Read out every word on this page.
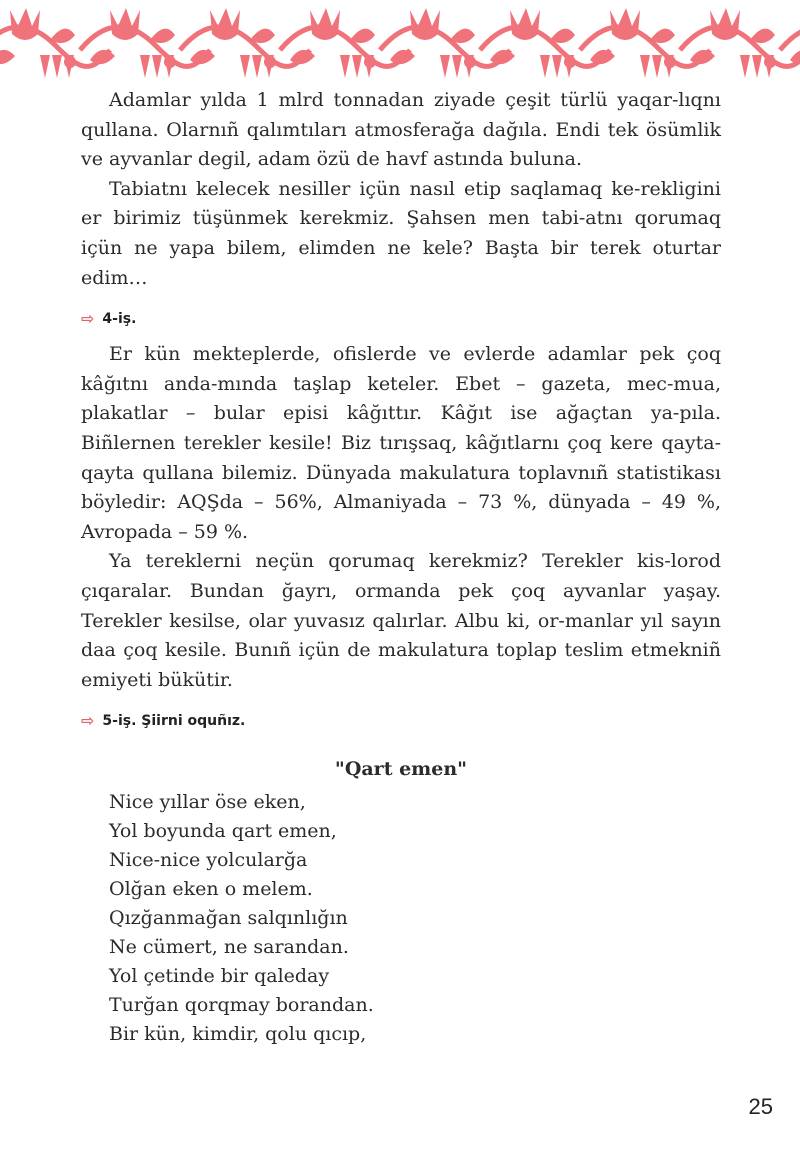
Adamlar yılda 1 mlrd tonnadan ziyade çeşit türlü yaqar-lıqnı qullana. Olarnıñ qalımtıları atmosferağa dağıla. Endi tek ösümlik ve ayvanlar degil, adam özü de havf astında buluna.

Tabiatnı kelecek nesiller içün nasıl etip saqlamaq ke-rekligini er birimiz tüşünmek kerekmiz. Şahsen men tabi-atnı qorumaq içün ne yapa bilem, elimden ne kele? Başta bir terek oturtar edim…

⇨ 4-iş.

Er kün mekteplerde, ofislerde ve evlerde adamlar pek çoq kâğıtnı anda-mında taşlap keteler. Ebet – gazeta, mec-mua, plakatlar – bular episi kâğıttır. Kâğıt ise ağaçtan ya-pıla. Biñlernen terekler kesile! Biz tırışsaq, kâğıtlarnı çoq kere qayta-qayta qullana bilemiz. Dünyada makulatura toplavnıñ statistikası böyledir: AQŞda – 56%, Almaniyada – 73 %, dünyada – 49 %, Avropada – 59 %.

Ya tereklerni neçün qorumaq kerekmiz? Terekler kis-lorod çıqaralar. Bundan ğayrı, ormanda pek çoq ayvanlar yaşay. Terekler kesilse, olar yuvasız qalırlar. Albu ki, or-manlar yıl sayın daa çoq kesile. Bunıñ içün de makulatura toplap teslim etmekniñ emiyeti bükütir.

⇨ 5-iş. Şiirni oquñız.
"Qart emen"
Nice yıllar öse eken,
Yol boyunda qart emen,
Nice-nice yolcularğa
Olğan eken o melem.
Qızğanmağan salqınlığın
Ne cümert, ne sarandan.
Yol çetinde bir qaleday
Turğan qorqmay borandan.
Bir kün, kimdir, qolu qıcıp,
25
